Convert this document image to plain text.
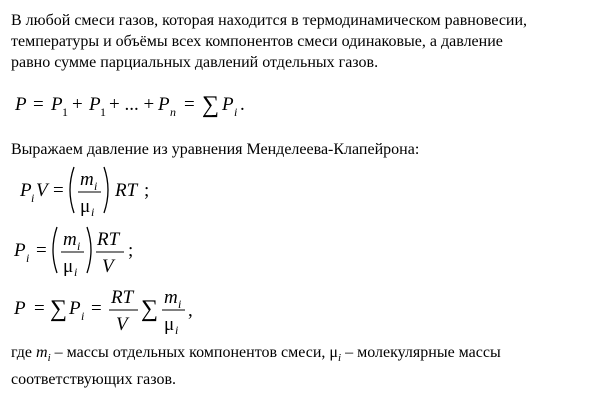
В любой смеси газов, которая находится в термодинамическом равновесии,
температуры и объёмы всех компонентов смеси одинаковые, а давление
равно сумме парциальных давлений отдельных газов.
Выражаем давление из уравнения Менделеева-Клапейрона:
где $m_i$ – массы отдельных компонентов смеси, $\mu_i$ – молекулярные массы
соответствующих газов.
P = P 1 + P 1 + ... + P n = ∑ P i .
P i V =
m i
μ i
RT ;
P i =
m i
μ i
RT
V
;
P = ∑ P i =
RT
V
∑ m i
μ i
,
